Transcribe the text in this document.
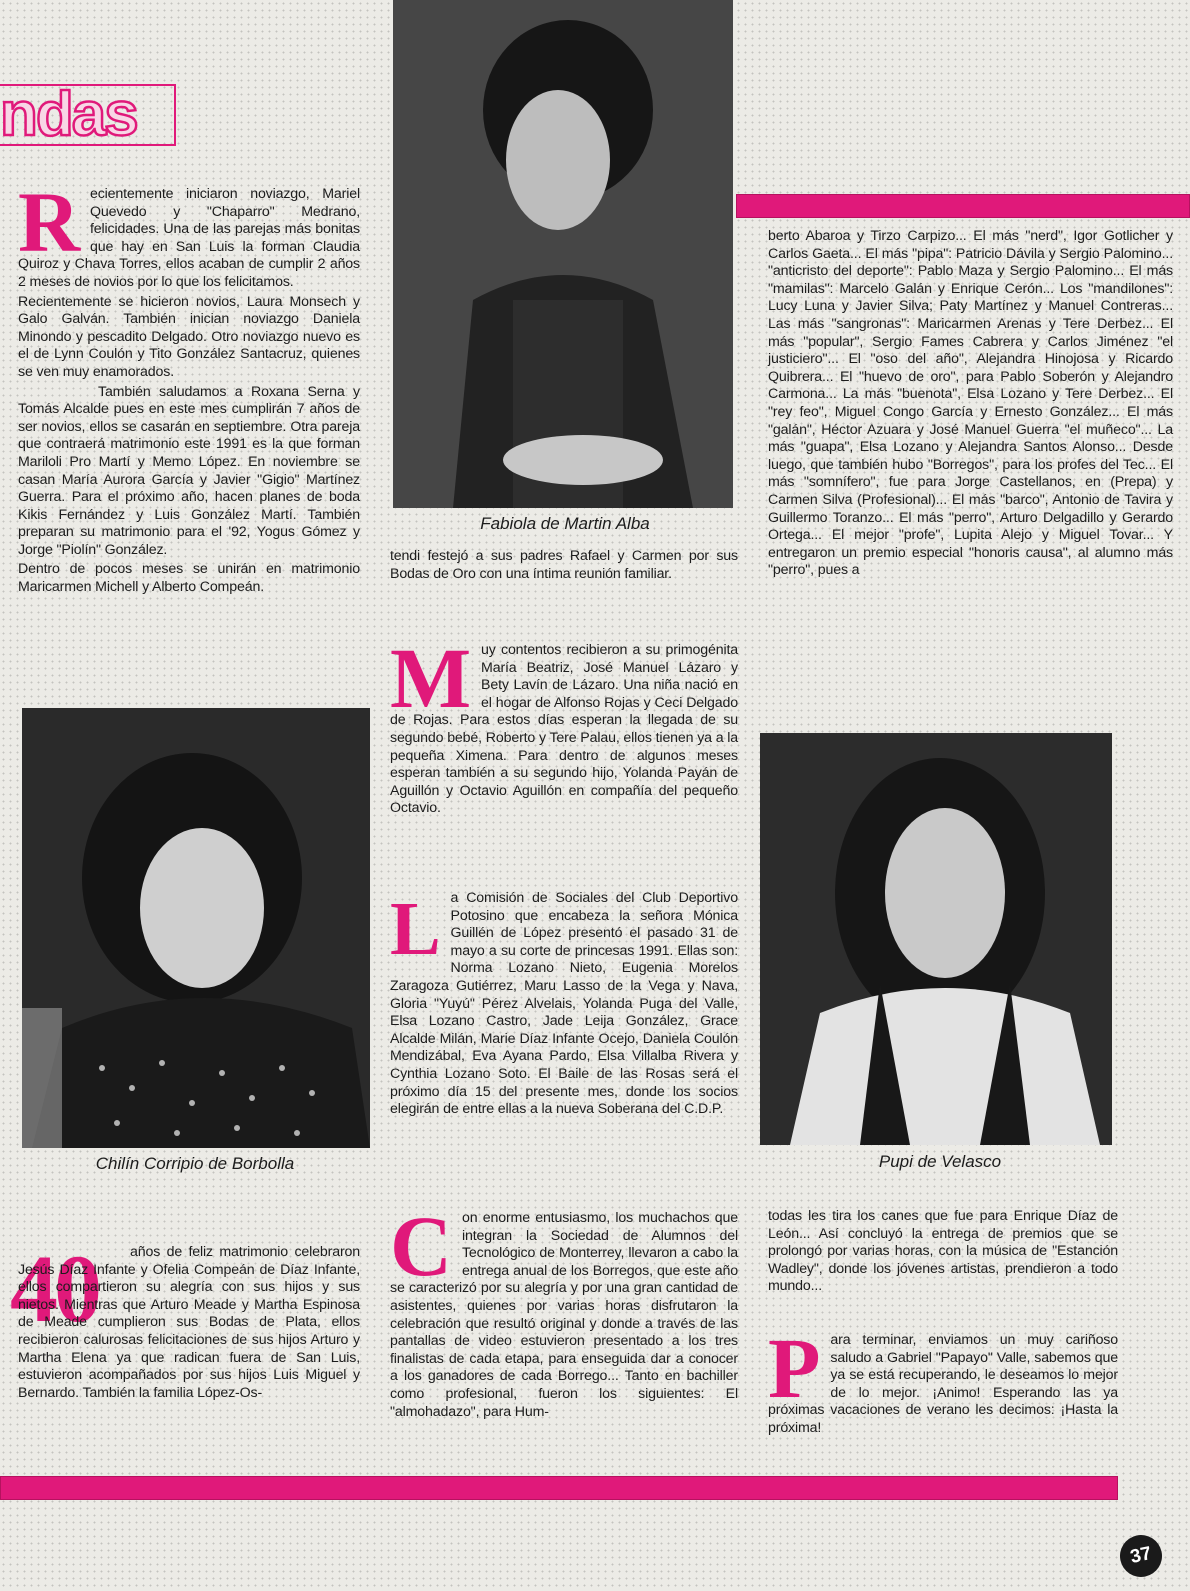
ndas

Recientemente iniciaron noviazgo, Mariel Quevedo y "Chaparro" Medrano, felicidades. Una de las parejas más bonitas que hay en San Luis la forman Claudia Quiroz y Chava Torres, ellos acaban de cumplir 2 años 2 meses de novios por lo que los felicitamos.

Recientemente se hicieron novios, Laura Monsech y Galo Galván. También inician noviazgo Daniela Minondo y pescadito Delgado. Otro noviazgo nuevo es el de Lynn Coulón y Tito González Santacruz, quienes se ven muy enamorados.

También saludamos a Roxana Serna y Tomás Alcalde pues en este mes cumplirán 7 años de ser novios, ellos se casarán en septiembre. Otra pareja que contraerá matrimonio este 1991 es la que forman Mariloli Pro Martí y Memo López. En noviembre se casan María Aurora García y Javier "Gigio" Martínez Guerra. Para el próximo año, hacen planes de boda Kikis Fernández y Luis González Martí. También preparan su matrimonio para el '92, Yogus Gómez y Jorge "Piolín" González.

Dentro de pocos meses se unirán en matrimonio Maricarmen Michell y Alberto Compeán.

Fabiola de Martin Alba

tendi festejó a sus padres Rafael y Carmen por sus Bodas de Oro con una íntima reunión familiar.

Muy contentos recibieron a su primogénita María Beatriz, José Manuel Lázaro y Bety Lavín de Lázaro. Una niña nació en el hogar de Alfonso Rojas y Ceci Delgado de Rojas. Para estos días esperan la llegada de su segundo bebé, Roberto y Tere Palau, ellos tienen ya a la pequeña Ximena. Para dentro de algunos meses esperan también a su segundo hijo, Yolanda Payán de Aguillón y Octavio Aguillón en compañía del pequeño Octavio.

La Comisión de Sociales del Club Deportivo Potosino que encabeza la señora Mónica Guillén de López presentó el pasado 31 de mayo a su corte de princesas 1991. Ellas son: Norma Lozano Nieto, Eugenia Morelos Zaragoza Gutiérrez, Maru Lasso de la Vega y Nava, Gloria "Yuyú" Pérez Alvelais, Yolanda Puga del Valle, Elsa Lozano Castro, Jade Leija González, Grace Alcalde Milán, Marie Díaz Infante Ocejo, Daniela Coulón Mendizábal, Eva Ayana Pardo, Elsa Villalba Rivera y Cynthia Lozano Soto. El Baile de las Rosas será el próximo día 15 del presente mes, donde los socios elegirán de entre ellas a la nueva Soberana del C.D.P.

Con enorme entusiasmo, los muchachos que integran la Sociedad de Alumnos del Tecnológico de Monterrey, llevaron a cabo la entrega anual de los Borregos, que este año se caracterizó por su alegría y por una gran cantidad de asistentes, quienes por varias horas disfrutaron la celebración que resultó original y donde a través de las pantallas de video estuvieron presentado a los tres finalistas de cada etapa, para enseguida dar a conocer a los ganadores de cada Borrego... Tanto en bachiller como profesional, fueron los siguientes: El "almohadazo", para Hum-

berto Abaroa y Tirzo Carpizo... El más "nerd", Igor Gotlicher y Carlos Gaeta... El más "pipa": Patricio Dávila y Sergio Palomino... "anticristo del deporte": Pablo Maza y Sergio Palomino... El más "mamilas": Marcelo Galán y Enrique Cerón... Los "mandilones": Lucy Luna y Javier Silva; Paty Martínez y Manuel Contreras... Las más "sangronas": Maricarmen Arenas y Tere Derbez... El más "popular", Sergio Fames Cabrera y Carlos Jiménez "el justiciero"... El "oso del año", Alejandra Hinojosa y Ricardo Quibrera... El "huevo de oro", para Pablo Soberón y Alejandro Carmona... La más "buenota", Elsa Lozano y Tere Derbez... El "rey feo", Miguel Congo García y Ernesto González... El más "galán", Héctor Azuara y José Manuel Guerra "el muñeco"... La más "guapa", Elsa Lozano y Alejandra Santos Alonso... Desde luego, que también hubo "Borregos", para los profes del Tec... El más "somnífero", fue para Jorge Castellanos, en (Prepa) y Carmen Silva (Profesional)... El más "barco", Antonio de Tavira y Guillermo Toranzo... El más "perro", Arturo Delgadillo y Gerardo Ortega... El mejor "profe", Lupita Alejo y Miguel Tovar... Y entregaron un premio especial "honoris causa", al alumno más "perro", pues a

Chilín Corripio de Borbolla	Pupi de Velasco
40	años de feliz matrimonio celebraron Jesús Díaz Infante y Ofelia Compeán de Díaz Infante, ellos compartieron su alegría con sus hijos y sus nietos. Mientras que Arturo Meade y Martha Espinosa de Meade cumplieron sus Bodas de Plata, ellos recibieron calurosas felicitaciones de sus hijos Arturo y Martha Elena ya que radican fuera de San Luis, estuvieron acompañados por sus hijos Luis Miguel y Bernardo. También la familia López-Os-

todas les tira los canes que fue para Enrique Díaz de León... Así concluyó la entrega de premios que se prolongó por varias horas, con la música de "Estanción Wadley", donde los jóvenes artistas, prendieron a todo mundo...

Para terminar, enviamos un muy cariñoso saludo a Gabriel "Papayo" Valle, sabemos que ya se está recuperando, le deseamos lo mejor de lo mejor. ¡Animo! Esperando las ya próximas vacaciones de verano les decimos: ¡Hasta la próxima!

37
